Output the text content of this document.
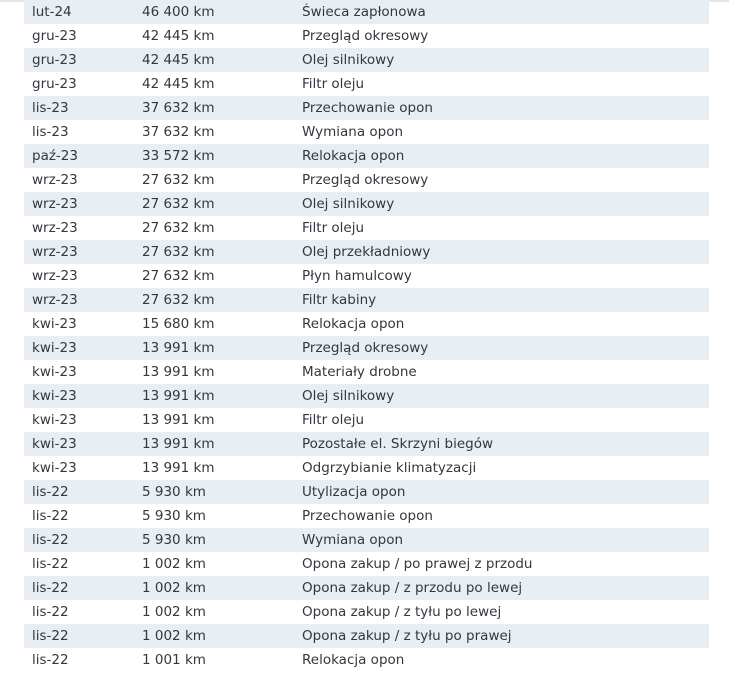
lut-24	46 400 km	Świeca zapłonowa
gru-23	42 445 km	Przegląd okresowy
gru-23	42 445 km	Olej silnikowy
gru-23	42 445 km	Filtr oleju
lis-23	37 632 km	Przechowanie opon
lis-23	37 632 km	Wymiana opon
paź-23	33 572 km	Relokacja opon
wrz-23	27 632 km	Przegląd okresowy
wrz-23	27 632 km	Olej silnikowy
wrz-23	27 632 km	Filtr oleju
wrz-23	27 632 km	Olej przekładniowy
wrz-23	27 632 km	Płyn hamulcowy
wrz-23	27 632 km	Filtr kabiny
kwi-23	15 680 km	Relokacja opon
kwi-23	13 991 km	Przegląd okresowy
kwi-23	13 991 km	Materiały drobne
kwi-23	13 991 km	Olej silnikowy
kwi-23	13 991 km	Filtr oleju
kwi-23	13 991 km	Pozostałe el. Skrzyni biegów
kwi-23	13 991 km	Odgrzybianie klimatyzacji
lis-22	5 930 km	Utylizacja opon
lis-22	5 930 km	Przechowanie opon
lis-22	5 930 km	Wymiana opon
lis-22	1 002 km	Opona zakup / po prawej z przodu
lis-22	1 002 km	Opona zakup / z przodu po lewej
lis-22	1 002 km	Opona zakup / z tyłu po lewej
lis-22	1 002 km	Opona zakup / z tyłu po prawej
lis-22	1 001 km	Relokacja opon
